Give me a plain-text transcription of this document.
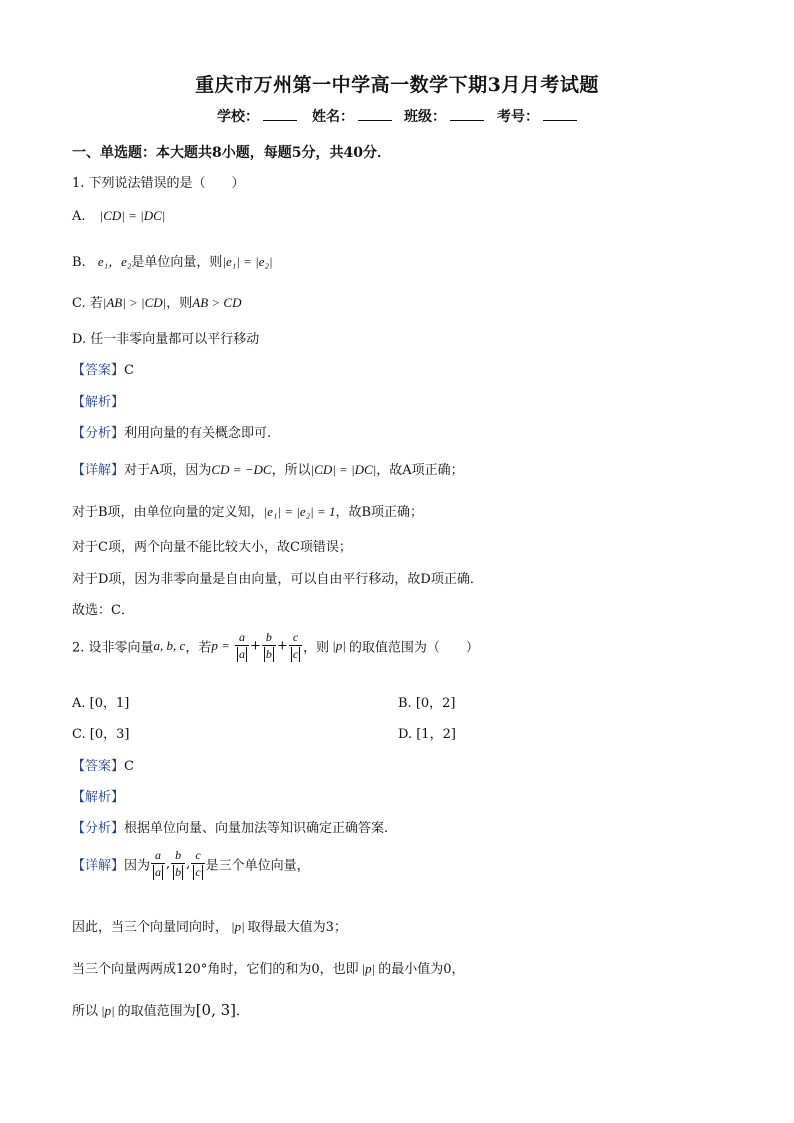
重庆市万州第一中学高一数学下期3月月考试题
学校：	姓名：	班级：	考号：
一、单选题：本大题共8小题，每题5分，共40分．
1. 下列说法错误的是（　　）
A. |CD| = |DC|
B. e₁，e₂是单位向量，则|e₁| = |e₂|
C. 若|AB| > |CD|，则AB > CD
D. 任一非零向量都可以平行移动
【答案】C
【解析】
【分析】利用向量的有关概念即可.
【详解】对于A项，因为CD = −DC，所以|CD| = |DC|，故A项正确；
对于B项，由单位向量的定义知，|e₁| = |e₂| = 1，故B项正确；
对于C项，两个向量不能比较大小，故C项错误；
对于D项，因为非零向量是自由向量，可以自由平行移动，故D项正确．
故选：C．
2. 设非零向量a, b, c，若$p = \frac{a}{a} + \frac{b}{b} + \frac{c}{c}$ ，则 |p| 的取值范围为（　　）
A. [0，1]	B. [0，2]
C. [0，3]	D. [1，2]
【答案】C
【解析】
【分析】根据单位向量、向量加法等知识确定正确答案.
【详解】因为 $\frac{a}{a}$ , $\frac{b}{b}$ , $\frac{c}{c}$ 是三个单位向量，
因此，当三个向量同向时， |p| 取得最大值为3；
当三个向量两两成120°角时，它们的和为0，也即 |p| 的最小值为0，
所以 |p| 的取值范围为[0, 3]．
